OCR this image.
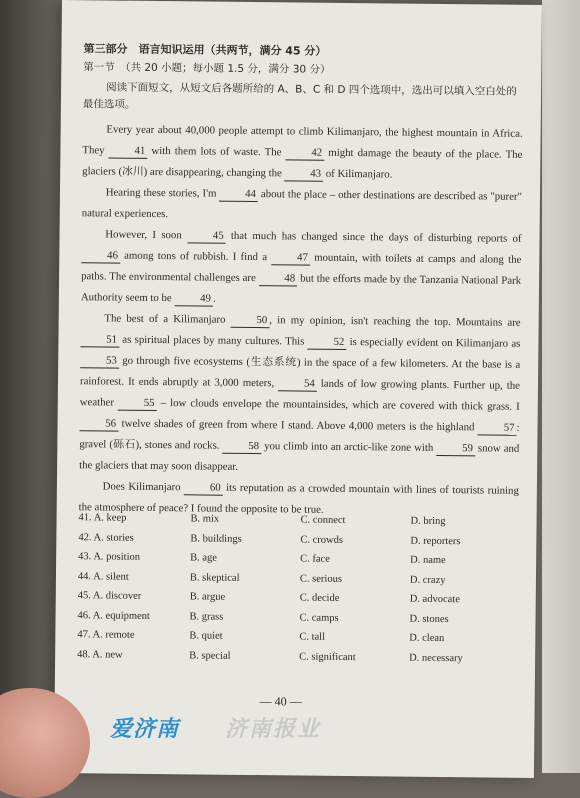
第三部分　语言知识运用（共两节，满分 45 分）
第一节　（共 20 小题；每小题 1.5 分，满分 30 分）
阅读下面短文，从短文后各题所给的 A、B、C 和 D 四个选项中，选出可以填入空白处的最佳选项。

Every year about 40,000 people attempt to climb Kilimanjaro, the highest mountain in Africa. They 41 with them lots of waste. The 42 might damage the beauty of the place. The glaciers (冰川) are disappearing, changing the 43 of Kilimanjaro.

Hearing these stories, I'm 44 about the place – other destinations are described as "purer" natural experiences.

However, I soon 45 that much has changed since the days of disturbing reports of 46 among tons of rubbish. I find a 47 mountain, with toilets at camps and along the paths. The environmental challenges are 48 but the efforts made by the Tanzania National Park Authority seem to be 49 .

The best of a Kilimanjaro 50 , in my opinion, isn't reaching the top. Mountains are 51 as spiritual places by many cultures. This 52 is especially evident on Kilimanjaro as 53 go through five ecosystems (生态系统) in the space of a few kilometers. At the base is a rainforest. It ends abruptly at 3,000 meters, 54 lands of low growing plants. Further up, the weather 55 – low clouds envelope the mountainsides, which are covered with thick grass. I 56 twelve shades of green from where I stand. Above 4,000 meters is the highland 57 : gravel (砾石), stones and rocks. 58 you climb into an arctic-like zone with 59 snow and the glaciers that may soon disappear.

Does Kilimanjaro 60 its reputation as a crowded mountain with lines of tourists ruining the atmosphere of peace? I found the opposite to be true.

41. A. keep	B. mix	C. connect	D. bring
42. A. stories	B. buildings	C. crowds	D. reporters
43. A. position	B. age	C. face	D. name
44. A. silent	B. skeptical	C. serious	D. crazy
45. A. discover	B. argue	C. decide	D. advocate
46. A. equipment	B. grass	C. camps	D. stones
47. A. remote	B. quiet	C. tall	D. clean
48. A. new	B. special	C. significant	D. necessary
— 40 —
爱济南 济南报业
